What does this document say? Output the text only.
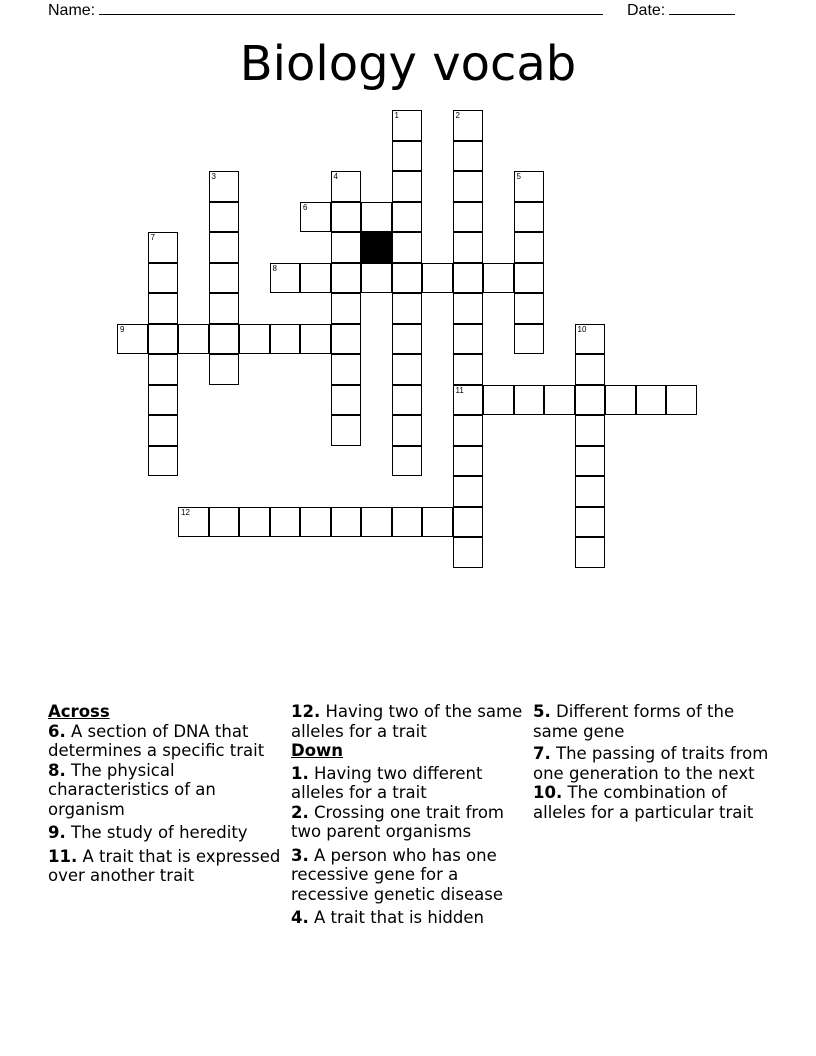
Name:	Date:
Biology vocab
1	2
11
3	4	5
7
10
6
8
9
12
Across
6. A section of DNA that determines a specific trait
8. The physical characteristics of an organism
9. The study of heredity
11. A trait that is expressed over another trait
12. Having two of the same alleles for a trait
Down
1. Having two different alleles for a trait
2. Crossing one trait from two parent organisms
3. A person who has one recessive gene for a recessive genetic disease
4. A trait that is hidden
5. Different forms of the same gene
7. The passing of traits from one generation to the next
10. The combination of alleles for a particular trait
